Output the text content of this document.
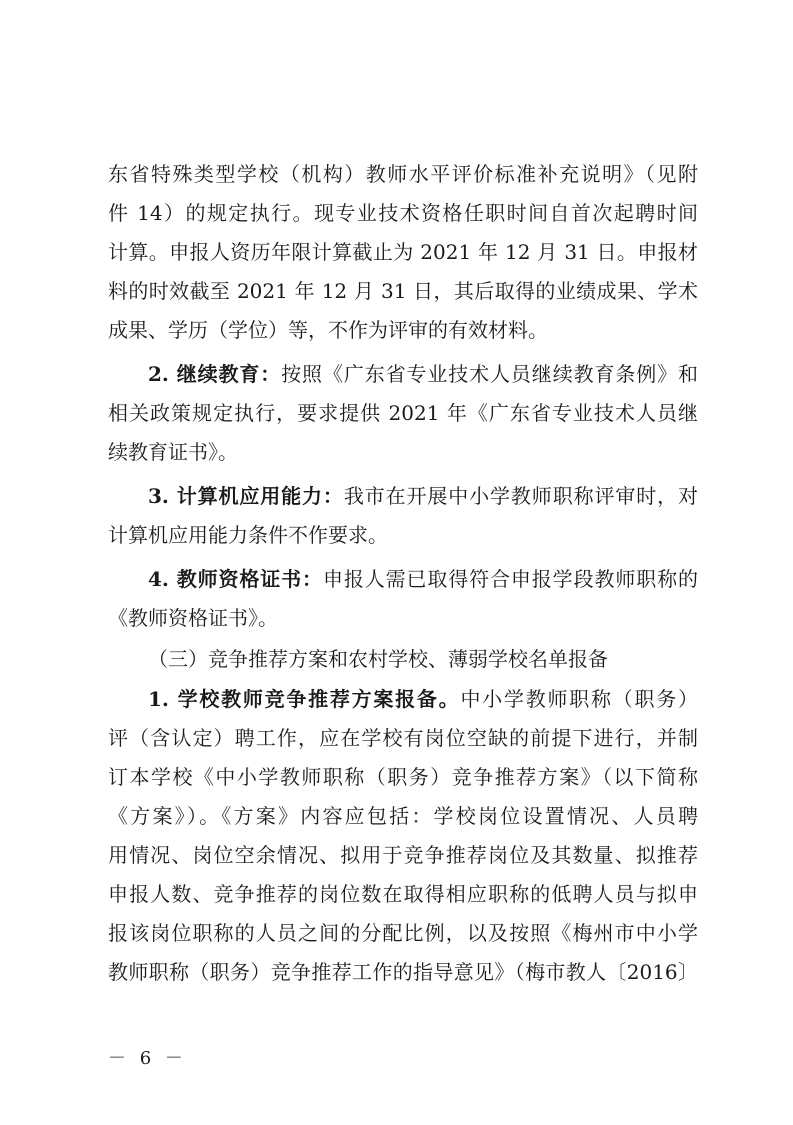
东省特殊类型学校（机构）教师水平评价标准补充说明》（见附
件 14）的规定执行。现专业技术资格任职时间自首次起聘时间
计算。申报人资历年限计算截止为 2021 年 12 月 31 日。申报材
料的时效截至 2021 年 12 月 31 日，其后取得的业绩成果、学术
成果、学历（学位）等，不作为评审的有效材料。
2. 继续教育：按照《广东省专业技术人员继续教育条例》和
相关政策规定执行，要求提供 2021 年《广东省专业技术人员继
续教育证书》。
3. 计算机应用能力：我市在开展中小学教师职称评审时，对
计算机应用能力条件不作要求。
4. 教师资格证书：申报人需已取得符合申报学段教师职称的
《教师资格证书》。
（三）竞争推荐方案和农村学校、薄弱学校名单报备
1. 学校教师竞争推荐方案报备。中小学教师职称（职务）
评（含认定）聘工作，应在学校有岗位空缺的前提下进行，并制
订本学校《中小学教师职称（职务）竞争推荐方案》（以下简称
《方案》）。《方案》内容应包括：学校岗位设置情况、人员聘
用情况、岗位空余情况、拟用于竞争推荐岗位及其数量、拟推荐
申报人数、竞争推荐的岗位数在取得相应职称的低聘人员与拟申
报该岗位职称的人员之间的分配比例，以及按照《梅州市中小学
教师职称（职务）竞争推荐工作的指导意见》（梅市教人〔2016〕
－ 6 －
